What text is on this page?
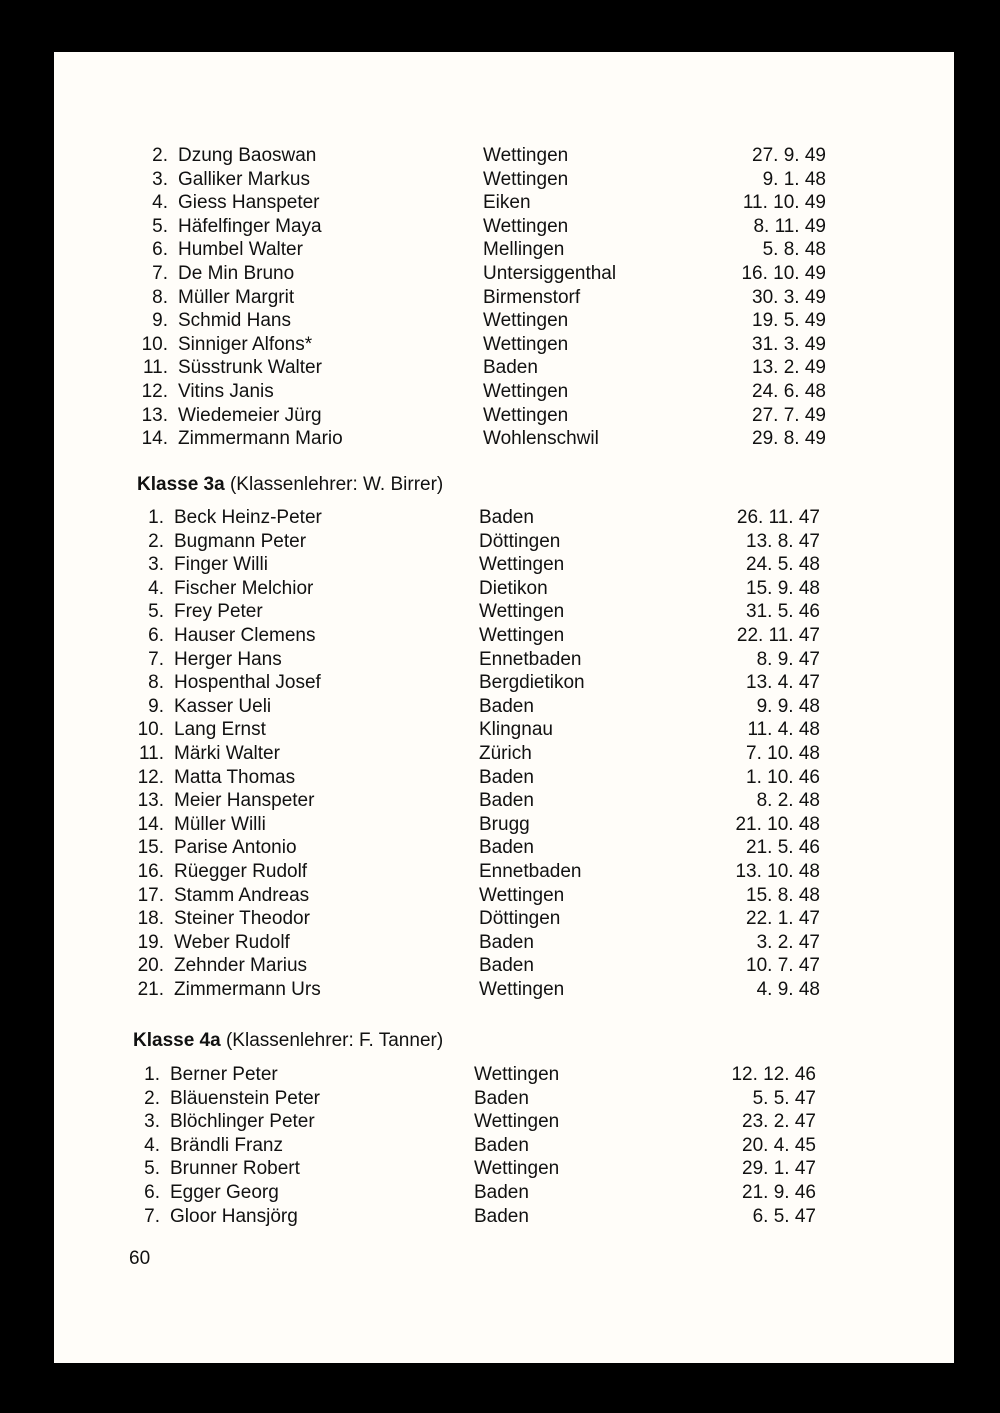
2. Dzung Baoswan	Wettingen	27. 9. 49
3. Galliker Markus	Wettingen	9. 1. 48
4. Giess Hanspeter	Eiken	11. 10. 49
5. Häfelfinger Maya	Wettingen	8. 11. 49
6. Humbel Walter	Mellingen	5. 8. 48
7. De Min Bruno	Untersiggenthal	16. 10. 49
8. Müller Margrit	Birmenstorf	30. 3. 49
9. Schmid Hans	Wettingen	19. 5. 49
10. Sinniger Alfons*	Wettingen	31. 3. 49
11. Süsstrunk Walter	Baden	13. 2. 49
12. Vitins Janis	Wettingen	24. 6. 48
13. Wiedemeier Jürg	Wettingen	27. 7. 49
14. Zimmermann Mario	Wohlenschwil	29. 8. 49
Klasse 3a (Klassenlehrer: W. Birrer)
1. Beck Heinz-Peter	Baden	26. 11. 47
2. Bugmann Peter	Döttingen	13. 8. 47
3. Finger Willi	Wettingen	24. 5. 48
4. Fischer Melchior	Dietikon	15. 9. 48
5. Frey Peter	Wettingen	31. 5. 46
6. Hauser Clemens	Wettingen	22. 11. 47
7. Herger Hans	Ennetbaden	8. 9. 47
8. Hospenthal Josef	Bergdietikon	13. 4. 47
9. Kasser Ueli	Baden	9. 9. 48
10. Lang Ernst	Klingnau	11. 4. 48
11. Märki Walter	Zürich	7. 10. 48
12. Matta Thomas	Baden	1. 10. 46
13. Meier Hanspeter	Baden	8. 2. 48
14. Müller Willi	Brugg	21. 10. 48
15. Parise Antonio	Baden	21. 5. 46
16. Rüegger Rudolf	Ennetbaden	13. 10. 48
17. Stamm Andreas	Wettingen	15. 8. 48
18. Steiner Theodor	Döttingen	22. 1. 47
19. Weber Rudolf	Baden	3. 2. 47
20. Zehnder Marius	Baden	10. 7. 47
21. Zimmermann Urs	Wettingen	4. 9. 48
Klasse 4a (Klassenlehrer: F. Tanner)
1. Berner Peter	Wettingen	12. 12. 46
2. Bläuenstein Peter	Baden	5. 5. 47
3. Blöchlinger Peter	Wettingen	23. 2. 47
4. Brändli Franz	Baden	20. 4. 45
5. Brunner Robert	Wettingen	29. 1. 47
6. Egger Georg	Baden	21. 9. 46
7. Gloor Hansjörg	Baden	6. 5. 47
60
